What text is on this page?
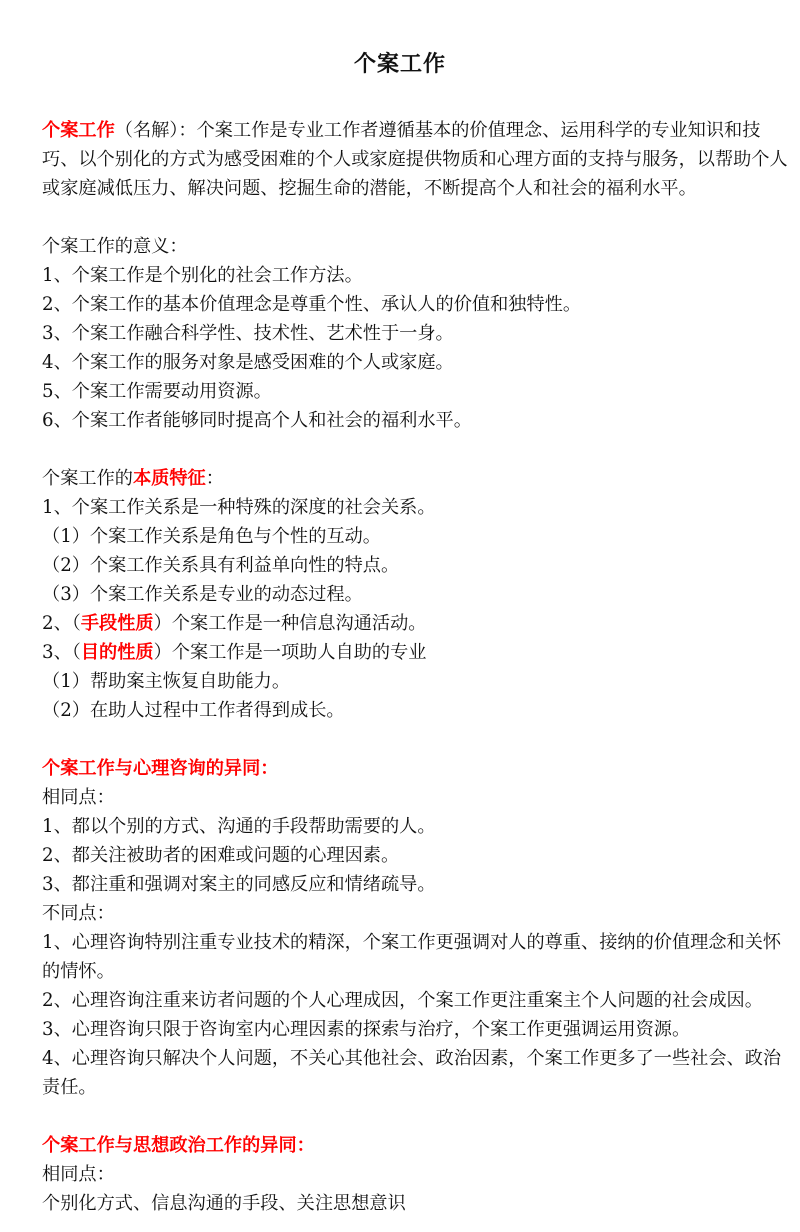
个案工作

个案工作（名解）：个案工作是专业工作者遵循基本的价值理念、运用科学的专业知识和技巧、以个别化的方式为感受困难的个人或家庭提供物质和心理方面的支持与服务，以帮助个人或家庭减低压力、解决问题、挖掘生命的潜能，不断提高个人和社会的福利水平。

个案工作的意义：

1、个案工作是个别化的社会工作方法。

2、个案工作的基本价值理念是尊重个性、承认人的价值和独特性。

3、个案工作融合科学性、技术性、艺术性于一身。

4、个案工作的服务对象是感受困难的个人或家庭。

5、个案工作需要动用资源。

6、个案工作者能够同时提高个人和社会的福利水平。

个案工作的本质特征：

1、个案工作关系是一种特殊的深度的社会关系。

（1）个案工作关系是角色与个性的互动。

（2）个案工作关系具有利益单向性的特点。

（3）个案工作关系是专业的动态过程。

2、（手段性质）个案工作是一种信息沟通活动。

3、（目的性质）个案工作是一项助人自助的专业

（1）帮助案主恢复自助能力。

（2）在助人过程中工作者得到成长。

个案工作与心理咨询的异同：

相同点：

1、都以个别的方式、沟通的手段帮助需要的人。

2、都关注被助者的困难或问题的心理因素。

3、都注重和强调对案主的同感反应和情绪疏导。

不同点：

1、心理咨询特别注重专业技术的精深，个案工作更强调对人的尊重、接纳的价值理念和关怀的情怀。

2、心理咨询注重来访者问题的个人心理成因，个案工作更注重案主个人问题的社会成因。

3、心理咨询只限于咨询室内心理因素的探索与治疗，个案工作更强调运用资源。

4、心理咨询只解决个人问题，不关心其他社会、政治因素，个案工作更多了一些社会、政治责任。

个案工作与思想政治工作的异同：

相同点：

个别化方式、信息沟通的手段、关注思想意识
